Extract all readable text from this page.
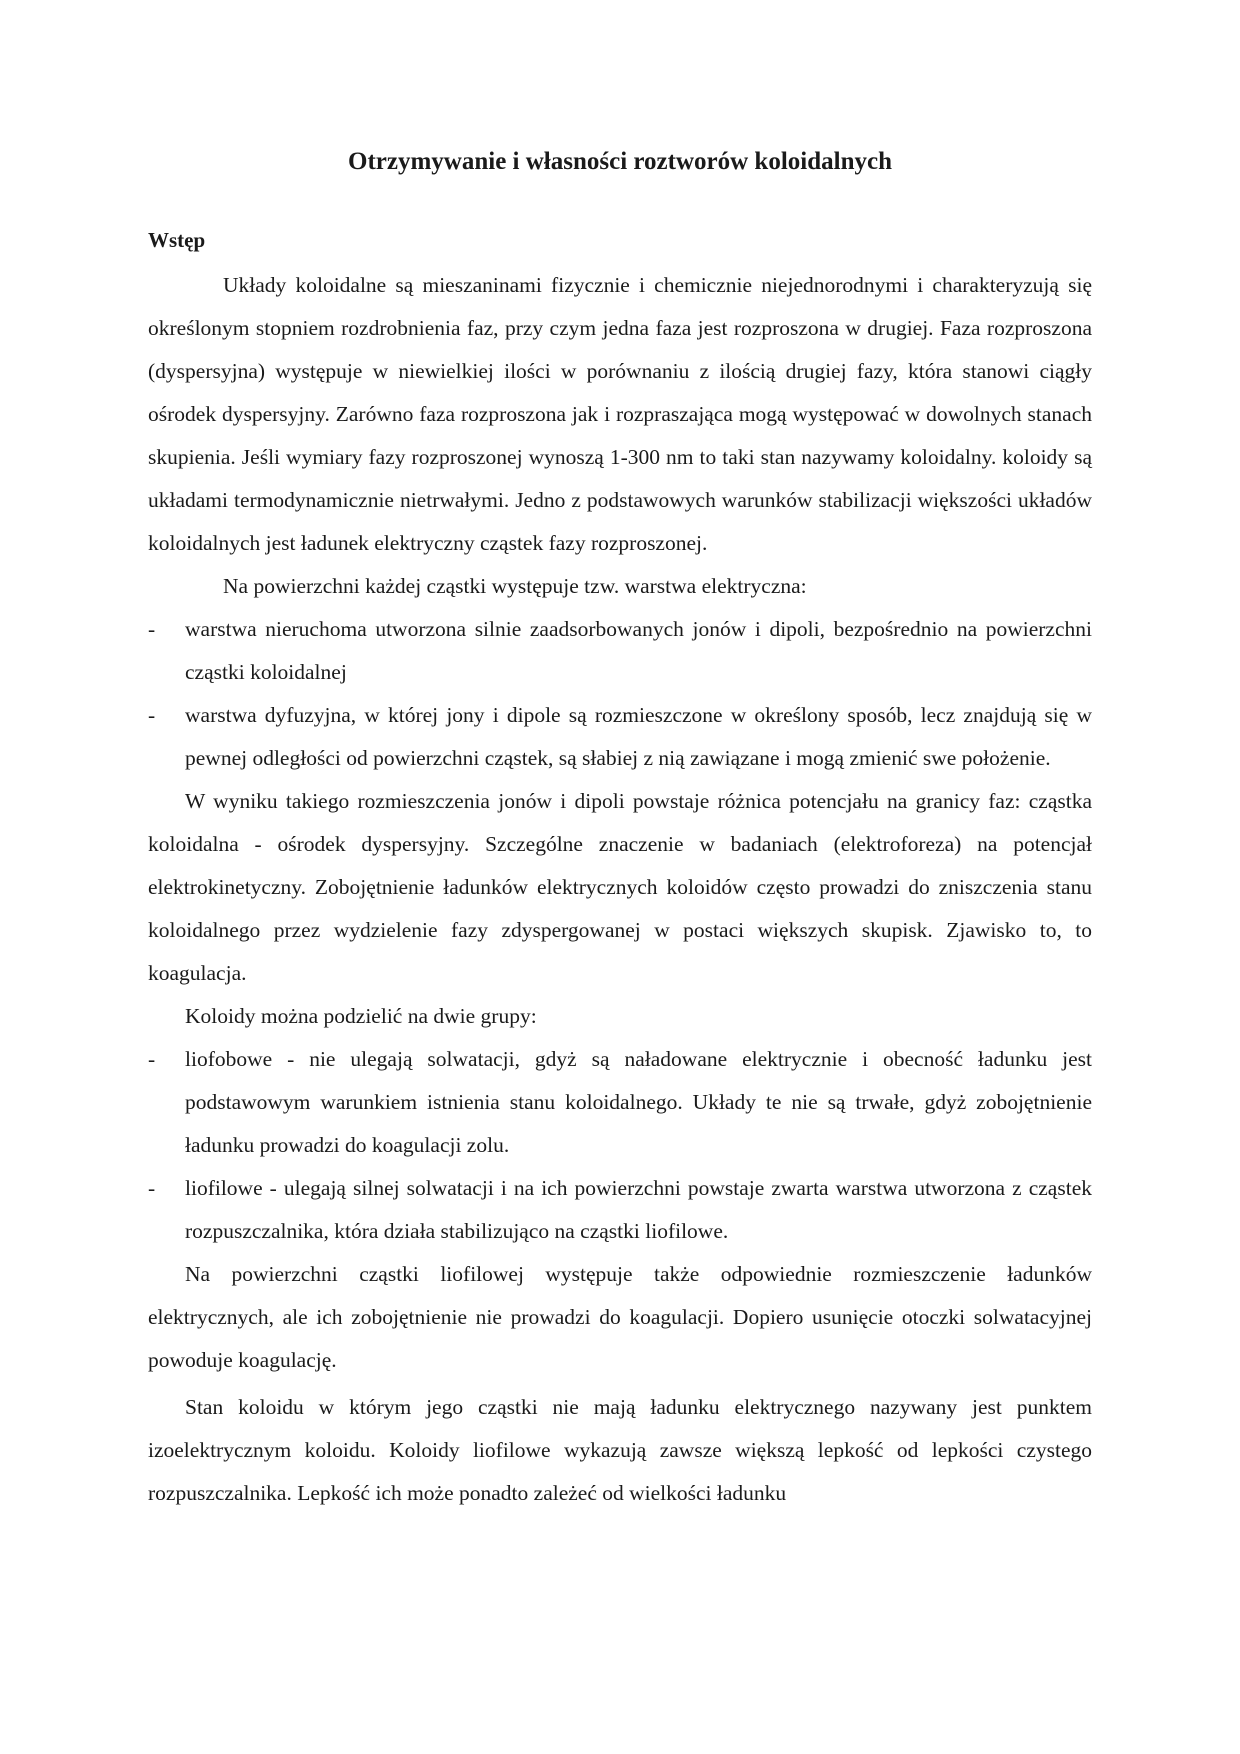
Otrzymywanie i własności roztworów koloidalnych
Wstęp

Układy koloidalne są mieszaninami fizycznie i chemicznie niejednorodnymi i charakteryzują się określonym stopniem rozdrobnienia faz, przy czym jedna faza jest rozproszona w drugiej. Faza rozproszona (dyspersyjna) występuje w niewielkiej ilości w porównaniu z ilością drugiej fazy, która stanowi ciągły ośrodek dyspersyjny. Zarówno faza rozproszona jak i rozpraszająca mogą występować w dowolnych stanach skupienia. Jeśli wymiary fazy rozproszonej wynoszą 1-300 nm to taki stan nazywamy koloidalny. koloidy są układami termodynamicznie nietrwałymi. Jedno z podstawowych warunków stabilizacji większości układów koloidalnych jest ładunek elektryczny cząstek fazy rozproszonej.

Na powierzchni każdej cząstki występuje tzw. warstwa elektryczna:

- warstwa nieruchoma utworzona silnie zaadsorbowanych jonów i dipoli, bezpośrednio na powierzchni cząstki koloidalnej
- warstwa dyfuzyjna, w której jony i dipole są rozmieszczone w określony sposób, lecz znajdują się w pewnej odległości od powierzchni cząstek, są słabiej z nią zawiązane i mogą zmienić swe położenie.

W wyniku takiego rozmieszczenia jonów i dipoli powstaje różnica potencjału na granicy faz: cząstka koloidalna - ośrodek dyspersyjny. Szczególne znaczenie w badaniach (elektroforeza) na potencjał elektrokinetyczny. Zobojętnienie ładunków elektrycznych koloidów często prowadzi do zniszczenia stanu koloidalnego przez wydzielenie fazy zdyspergowanej w postaci większych skupisk. Zjawisko to, to koagulacja.

Koloidy można podzielić na dwie grupy:

- liofobowe - nie ulegają solwatacji, gdyż są naładowane elektrycznie i obecność ładunku jest podstawowym warunkiem istnienia stanu koloidalnego. Układy te nie są trwałe, gdyż zobojętnienie ładunku prowadzi do koagulacji zolu.
- liofilowe - ulegają silnej solwatacji i na ich powierzchni powstaje zwarta warstwa utworzona z cząstek rozpuszczalnika, która działa stabilizująco na cząstki liofilowe.

Na powierzchni cząstki liofilowej występuje także odpowiednie rozmieszczenie ładunków elektrycznych, ale ich zobojętnienie nie prowadzi do koagulacji. Dopiero usunięcie otoczki solwatacyjnej powoduje koagulację.

Stan koloidu w którym jego cząstki nie mają ładunku elektrycznego nazywany jest punktem izoelektrycznym koloidu. Koloidy liofilowe wykazują zawsze większą lepkość od lepkości czystego rozpuszczalnika. Lepkość ich może ponadto zależeć od wielkości ładunku
